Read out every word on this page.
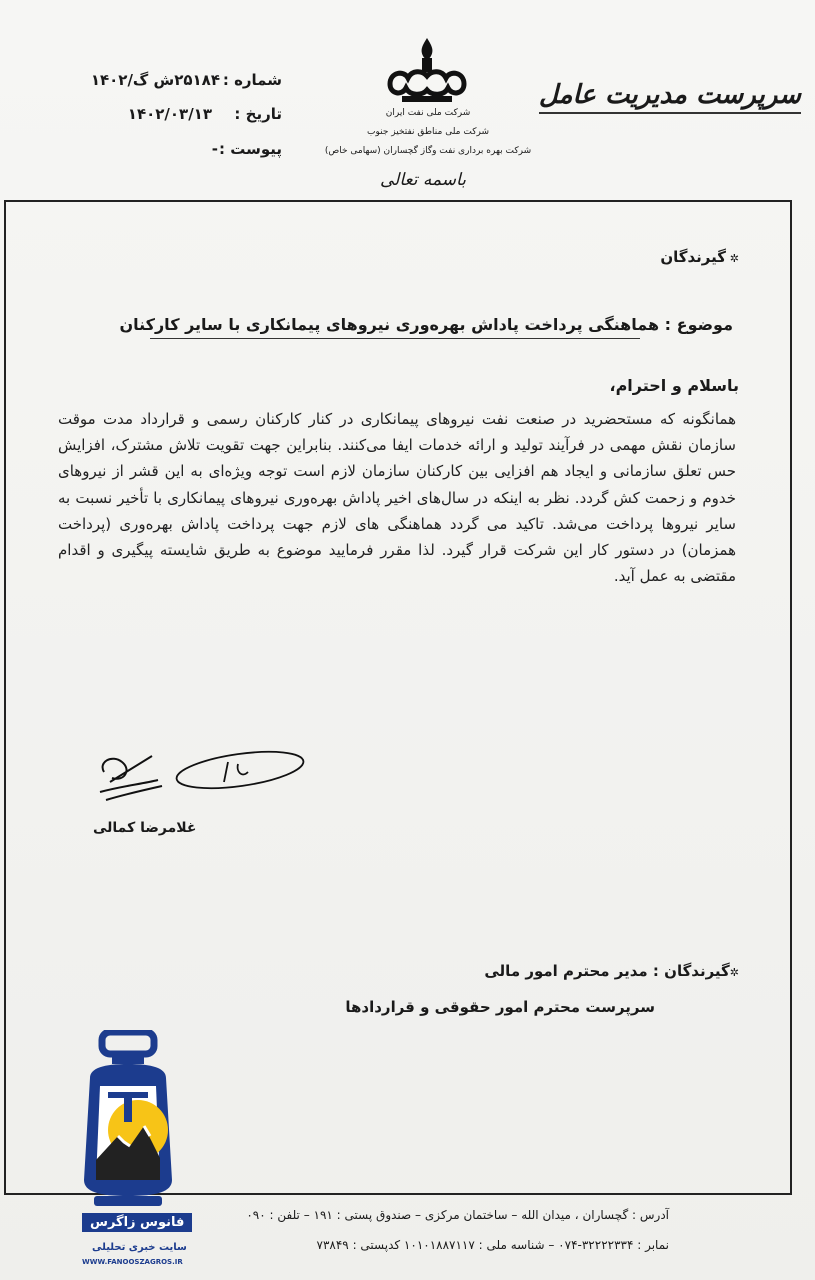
شماره :
۲۵۱۸۴ش گ/۱۴۰۲
تاریخ :
۱۴۰۲/۰۳/۱۳
پیوست :
-
شرکت ملی نفت ایران
شرکت ملی مناطق نفتخیز جنوب
شرکت بهره برداری نفت وگاز گچساران (سهامی خاص)
باسمه تعالی
سرپرست مدیریت عامل
✲ گیرندگان
موضوع : هماهنگی پرداخت پاداش بهره‌وری نیروهای پیمانکاری با سایر کارکنان
باسلام و احترام،
همانگونه که مستحضرید در صنعت نفت نیروهای پیمانکاری در کنار کارکنان رسمی و قرارداد مدت موقت سازمان نقش مهمی در فرآیند تولید و ارائه خدمات ایفا می‌کنند. بنابراین جهت تقویت تلاش مشترک، افزایش حس تعلق سازمانی و ایجاد هم افزایی بین کارکنان سازمان لازم است توجه ویژه‌ای به این قشر از نیروهای خدوم و زحمت کش گردد. نظر به اینکه در سال‌های اخیر پاداش بهره‌وری نیروهای پیمانکاری با تأخیر نسبت به سایر نیروها پرداخت می‌شد. تاکید می گردد هماهنگی های لازم جهت پرداخت پاداش بهره‌وری (پرداخت همزمان) در دستور کار این شرکت قرار گیرد. لذا مقرر فرمایید موضوع به طریق شایسته پیگیری و اقدام مقتضی به عمل آید.
غلامرضا کمالی
✲گیرندگان : مدیر محترم امور مالی
سرپرست محترم امور حقوقی و قراردادها
آدرس : گچساران ، میدان الله – ساختمان مرکزی – صندوق پستی : ۱۹۱ – تلفن : ۰۹۰
نمابر : ۳۲۲۲۲۳۳۴-۰۷۴ – شناسه ملی : ۱۰۱۰۱۸۸۷۱۱۷ کدپستی : ۷۳۸۴۹
فانوس زاگرس
سایت خبری تحلیلی
WWW.FANOOSZAGROS.IR
